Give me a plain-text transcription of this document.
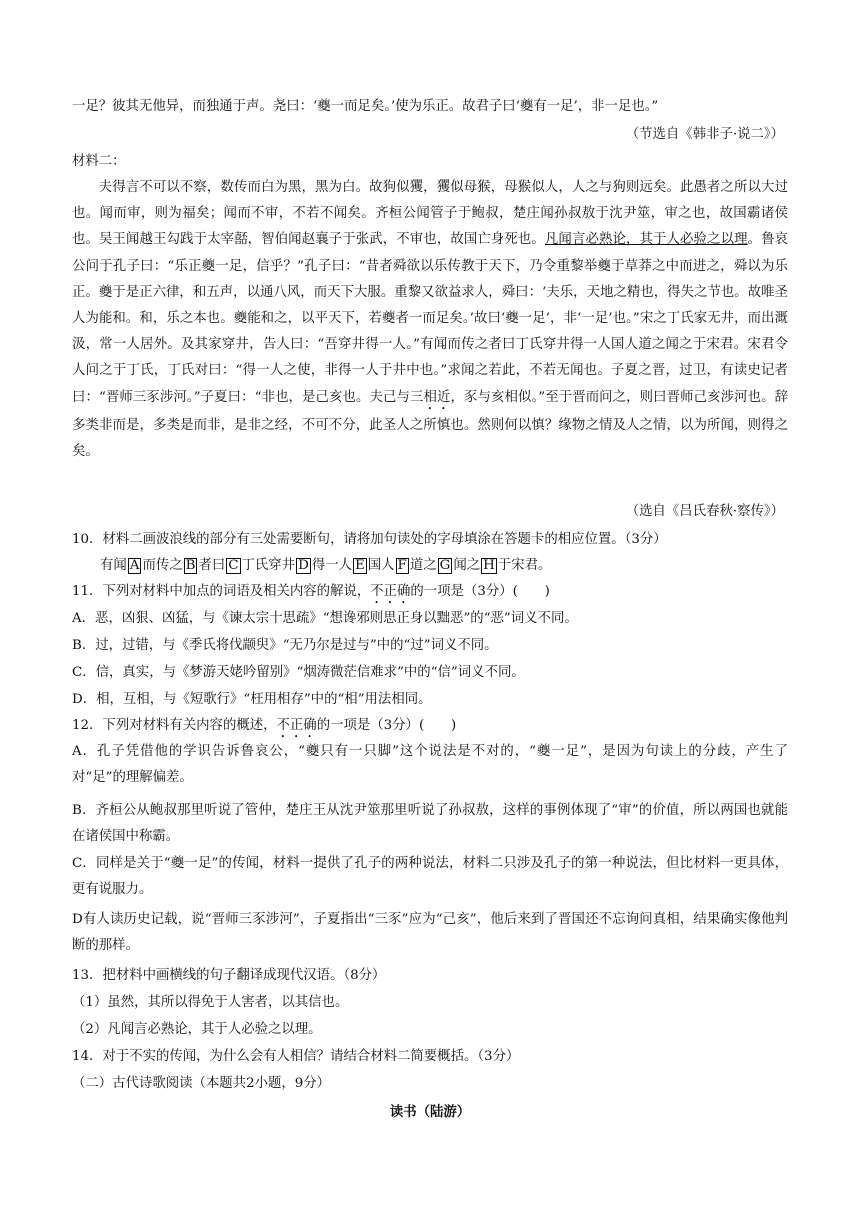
一足？彼其无他异，而独通于声。尧曰：‘夔一而足矣。’使为乐正。故君子曰‘夔有一足’，非一足也。”
（节选自《韩非子·说二》）
材料二：
夫得言不可以不察，数传而白为黑，黑为白。故狗似玃，玃似母猴，母猴似人，人之与狗则远矣。此愚者之所以大过也。闻而审，则为福矣；闻而不审，不若不闻矣。齐桓公闻管子于鲍叔，楚庄闻孙叔敖于沈尹筮，审之也，故国霸诸侯也。吴王闻越王勾践于太宰嚭，智伯闻赵襄子于张武，不审也，故国亡身死也。凡闻言必熟论，其于人必验之以理。鲁哀公问于孔子曰：“乐正夔一足，信乎？”孔子曰：“昔者舜欲以乐传教于天下，乃令重黎举夔于草莽之中而进之，舜以为乐正。夔于是正六律，和五声，以通八风，而天下大服。重黎又欲益求人，舜曰：‘夫乐，天地之精也，得失之节也。故唯圣人为能和。和，乐之本也。夔能和之，以平天下，若夔者一而足矣。’故曰‘夔一足’，非‘一足’也。”宋之丁氏家无井，而出溉汲，常一人居外。及其家穿井，告人曰：“吾穿井得一人。”有闻而传之者曰丁氏穿井得一人国人道之闻之于宋君。宋君令人问之于丁氏，丁氏对曰：“得一人之使，非得一人于井中也。”求闻之若此，不若无闻也。子夏之晋，过卫，有读史记者曰：“晋师三豕涉河。”子夏曰：“非也，是己亥也。夫己与三相近，豕与亥相似。”至于晋而问之，则曰晋师己亥涉河也。辞多类非而是，多类是而非，是非之经，不可不分，此圣人之所慎也。然则何以慎？缘物之情及人之情，以为所闻，则得之矣。
（选自《吕氏春秋·察传》）
10．材料二画波浪线的部分有三处需要断句，请将加句读处的字母填涂在答题卡的相应位置。（3分）
有闻 A 而传之 B 者曰 C 丁氏穿井 D 得一人 E 国人 F 道之 G 闻之 H 于宋君。
11．下列对材料中加点的词语及相关内容的解说，不正确的一项是（3分）(　　)
A．恶，凶狠、凶猛，与《谏太宗十思疏》“想谗邪则思正身以黜恶”的“恶”词义不同。
B．过，过错，与《季氏将伐颛臾》“无乃尔是过与”中的“过”词义不同。
C．信，真实，与《梦游天姥吟留别》“烟涛微茫信难求”中的“信”词义不同。
D．相，互相，与《短歌行》“枉用相存”中的“相”用法相同。
12．下列对材料有关内容的概述，不正确的一项是（3分）(　　)
A．孔子凭借他的学识告诉鲁哀公，“夔只有一只脚”这个说法是不对的，“夔一足”，是因为句读上的分歧，产生了对“足”的理解偏差。
B．齐桓公从鲍叔那里听说了管仲，楚庄王从沈尹筮那里听说了孙叔敖，这样的事例体现了“审”的价值，所以两国也就能在诸侯国中称霸。
C．同样是关于“夔一足”的传闻，材料一提供了孔子的两种说法，材料二只涉及孔子的第一种说法，但比材料一更具体，更有说服力。
D有人读历史记载，说“晋师三豕涉河”，子夏指出“三豕”应为“己亥”，他后来到了晋国还不忘询问真相，结果确实像他判断的那样。
13．把材料中画横线的句子翻译成现代汉语。（8分）
（1）虽然，其所以得免于人害者，以其信也。
（2）凡闻言必熟论，其于人必验之以理。
14．对于不实的传闻，为什么会有人相信？请结合材料二简要概括。（3分）
（二）古代诗歌阅读（本题共2小题，9分）
读书（陆游）
